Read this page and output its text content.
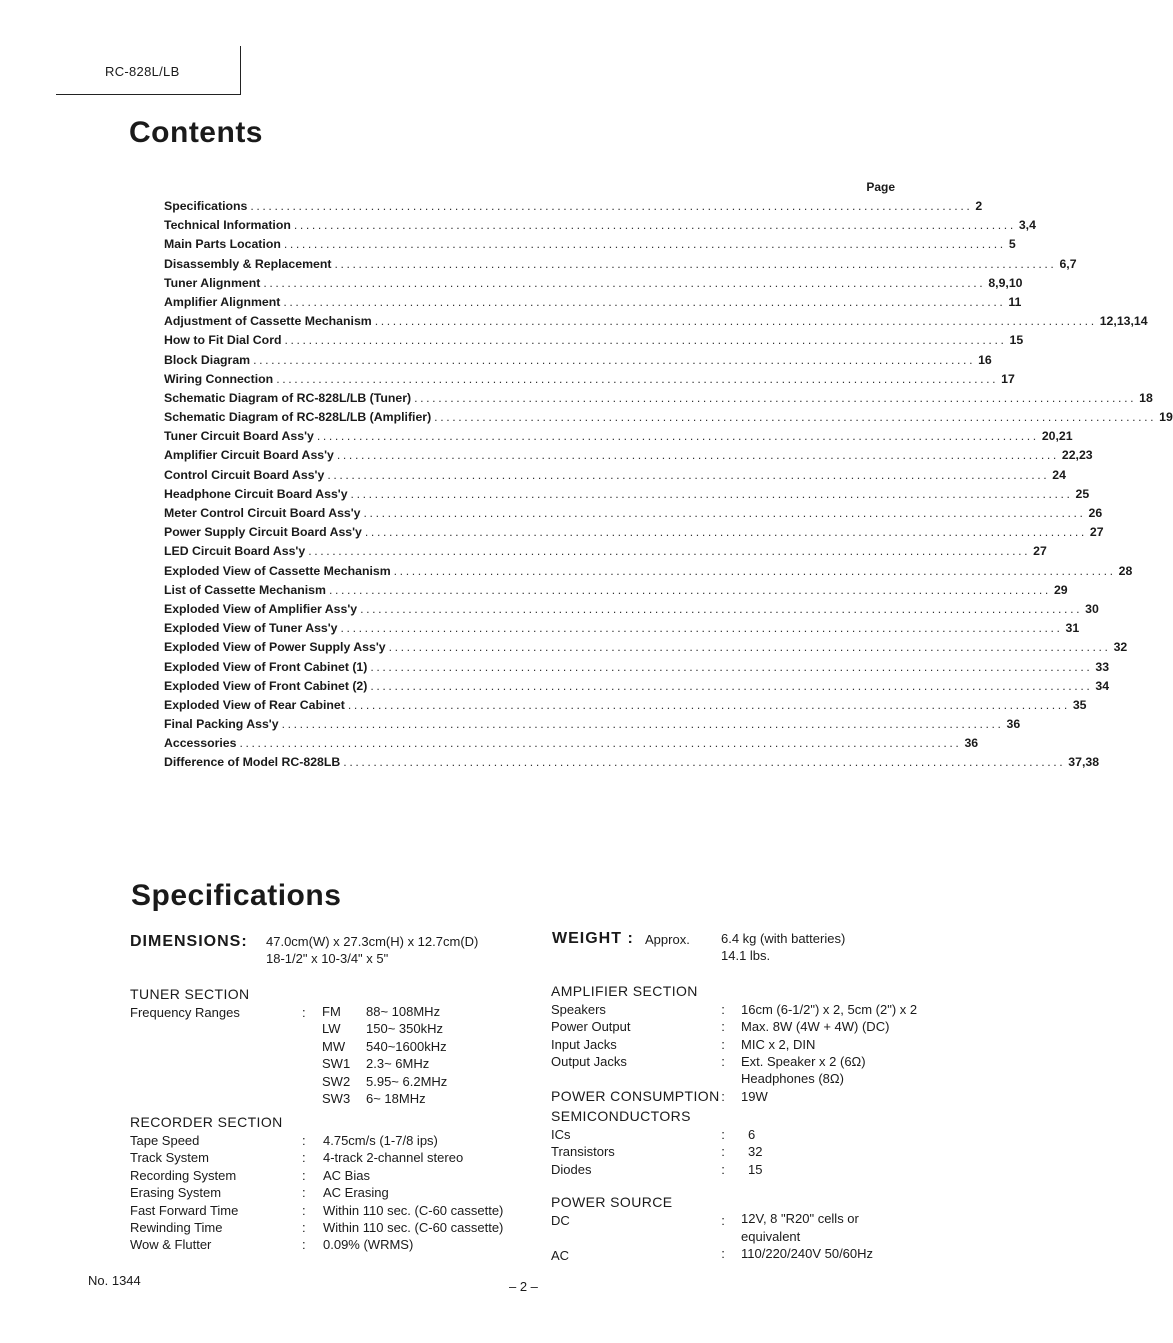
RC-828L/LB
Contents
Page
Specifications ........................................................................................................................ 2
Technical Information ........................................................................................................................ 3,4
Main Parts Location ........................................................................................................................ 5
Disassembly & Replacement ........................................................................................................................ 6,7
Tuner Alignment ........................................................................................................................ 8,9,10
Amplifier Alignment ........................................................................................................................ 11
Adjustment of Cassette Mechanism ........................................................................................................................ 12,13,14
How to Fit Dial Cord ........................................................................................................................ 15
Block Diagram ........................................................................................................................ 16
Wiring Connection ........................................................................................................................ 17
Schematic Diagram of RC-828L/LB (Tuner) ........................................................................................................................ 18
Schematic Diagram of RC-828L/LB (Amplifier) ........................................................................................................................ 19
Tuner Circuit Board Ass'y ........................................................................................................................ 20,21
Amplifier Circuit Board Ass'y ........................................................................................................................ 22,23
Control Circuit Board Ass'y ........................................................................................................................ 24
Headphone Circuit Board Ass'y ........................................................................................................................ 25
Meter Control Circuit Board Ass'y ........................................................................................................................ 26
Power Supply Circuit Board Ass'y ........................................................................................................................ 27
LED Circuit Board Ass'y ........................................................................................................................ 27
Exploded View of Cassette Mechanism ........................................................................................................................ 28
List of Cassette Mechanism ........................................................................................................................ 29
Exploded View of Amplifier Ass'y ........................................................................................................................ 30
Exploded View of Tuner Ass'y ........................................................................................................................ 31
Exploded View of Power Supply Ass'y ........................................................................................................................ 32
Exploded View of Front Cabinet (1) ........................................................................................................................ 33
Exploded View of Front Cabinet (2) ........................................................................................................................ 34
Exploded View of Rear Cabinet ........................................................................................................................ 35
Final Packing Ass'y ........................................................................................................................ 36
Accessories ........................................................................................................................ 36
Difference of Model RC-828LB ........................................................................................................................ 37,38
Specifications
DIMENSIONS: 47.0cm(W) x 27.3cm(H) x 12.7cm(D)
18-1/2" x 10-3/4" x 5"
TUNER SECTION
Frequency Ranges	: FM 88~ 108MHz
LW 150~ 350kHz
MW 540~1600kHz
SW1 2.3~ 6MHz
SW2 5.95~ 6.2MHz
SW3 6~ 18MHz
RECORDER SECTION
Tape Speed	: 4.75cm/s (1-7/8 ips)
Track System	: 4-track 2-channel stereo
Recording System	: AC Bias
Erasing System	: AC Erasing
Fast Forward Time	: Within 110 sec. (C-60 cassette)
Rewinding Time	: Within 110 sec. (C-60 cassette)
Wow & Flutter	: 0.09% (WRMS)
WEIGHT : Approx. 6.4 kg (with batteries)
14.1 lbs.
AMPLIFIER SECTION
Speakers	:	16cm (6-1/2") x 2, 5cm (2") x 2
Power Output	:	Max. 8W (4W + 4W) (DC)
Input Jacks	:	MIC x 2, DIN
Output Jacks	:	Ext. Speaker x 2 (6Ω)
Headphones (8Ω)
POWER CONSUMPTION :	19W
SEMICONDUCTORS
ICs	:	6
Transistors	:	32
Diodes	:	15
POWER SOURCE
DC	:	12V, 8 "R20" cells or
equivalent
AC	:	110/220/240V 50/60Hz
No. 1344	– 2 –
